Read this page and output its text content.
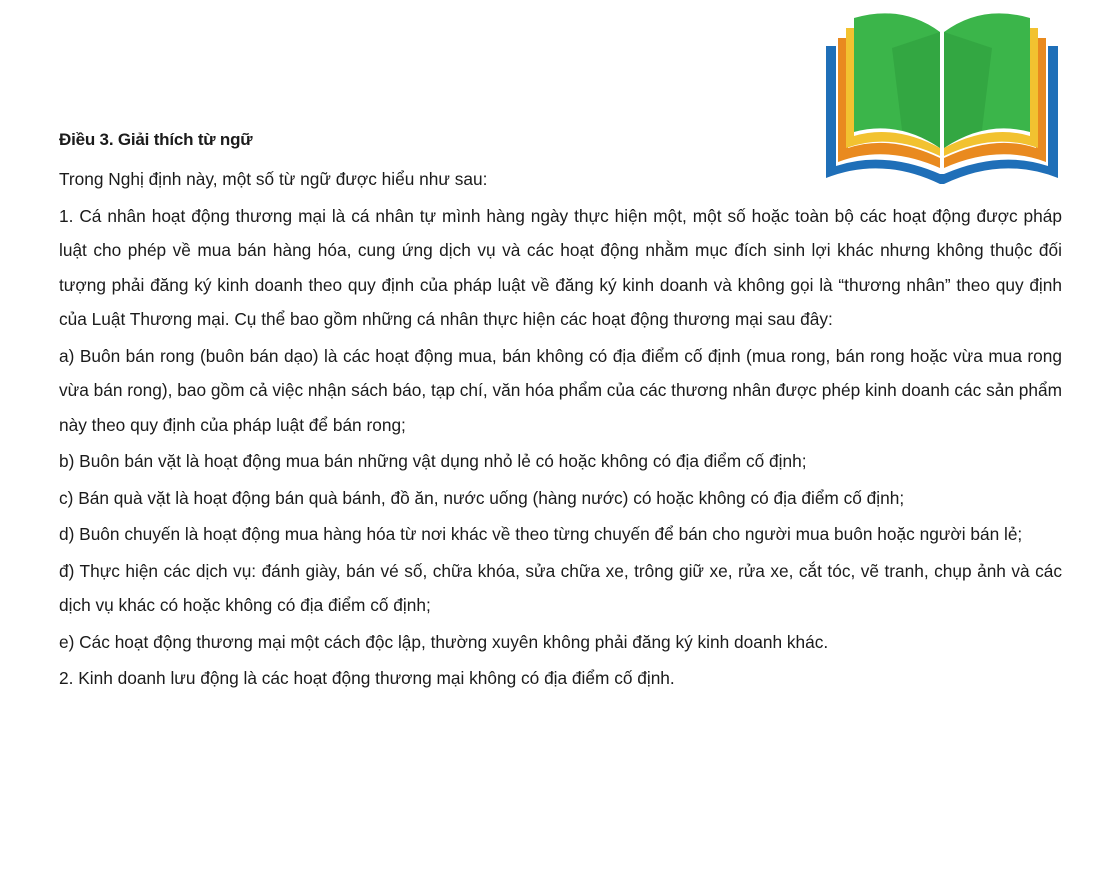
Điều 3. Giải thích từ ngữ

Trong Nghị định này, một số từ ngữ được hiểu như sau:

1. Cá nhân hoạt động thương mại là cá nhân tự mình hàng ngày thực hiện một, một số hoặc toàn bộ các hoạt động được pháp luật cho phép về mua bán hàng hóa, cung ứng dịch vụ và các hoạt động nhằm mục đích sinh lợi khác nhưng không thuộc đối tượng phải đăng ký kinh doanh theo quy định của pháp luật về đăng ký kinh doanh và không gọi là “thương nhân” theo quy định của Luật Thương mại. Cụ thể bao gồm những cá nhân thực hiện các hoạt động thương mại sau đây:

a) Buôn bán rong (buôn bán dạo) là các hoạt động mua, bán không có địa điểm cố định (mua rong, bán rong hoặc vừa mua rong vừa bán rong), bao gồm cả việc nhận sách báo, tạp chí, văn hóa phẩm của các thương nhân được phép kinh doanh các sản phẩm này theo quy định của pháp luật để bán rong;

b) Buôn bán vặt là hoạt động mua bán những vật dụng nhỏ lẻ có hoặc không có địa điểm cố định;

c) Bán quà vặt là hoạt động bán quà bánh, đồ ăn, nước uống (hàng nước) có hoặc không có địa điểm cố định;

d) Buôn chuyến là hoạt động mua hàng hóa từ nơi khác về theo từng chuyến để bán cho người mua buôn hoặc người bán lẻ;

đ) Thực hiện các dịch vụ: đánh giày, bán vé số, chữa khóa, sửa chữa xe, trông giữ xe, rửa xe, cắt tóc, vẽ tranh, chụp ảnh và các dịch vụ khác có hoặc không có địa điểm cố định;

e) Các hoạt động thương mại một cách độc lập, thường xuyên không phải đăng ký kinh doanh khác.

2. Kinh doanh lưu động là các hoạt động thương mại không có địa điểm cố định.
